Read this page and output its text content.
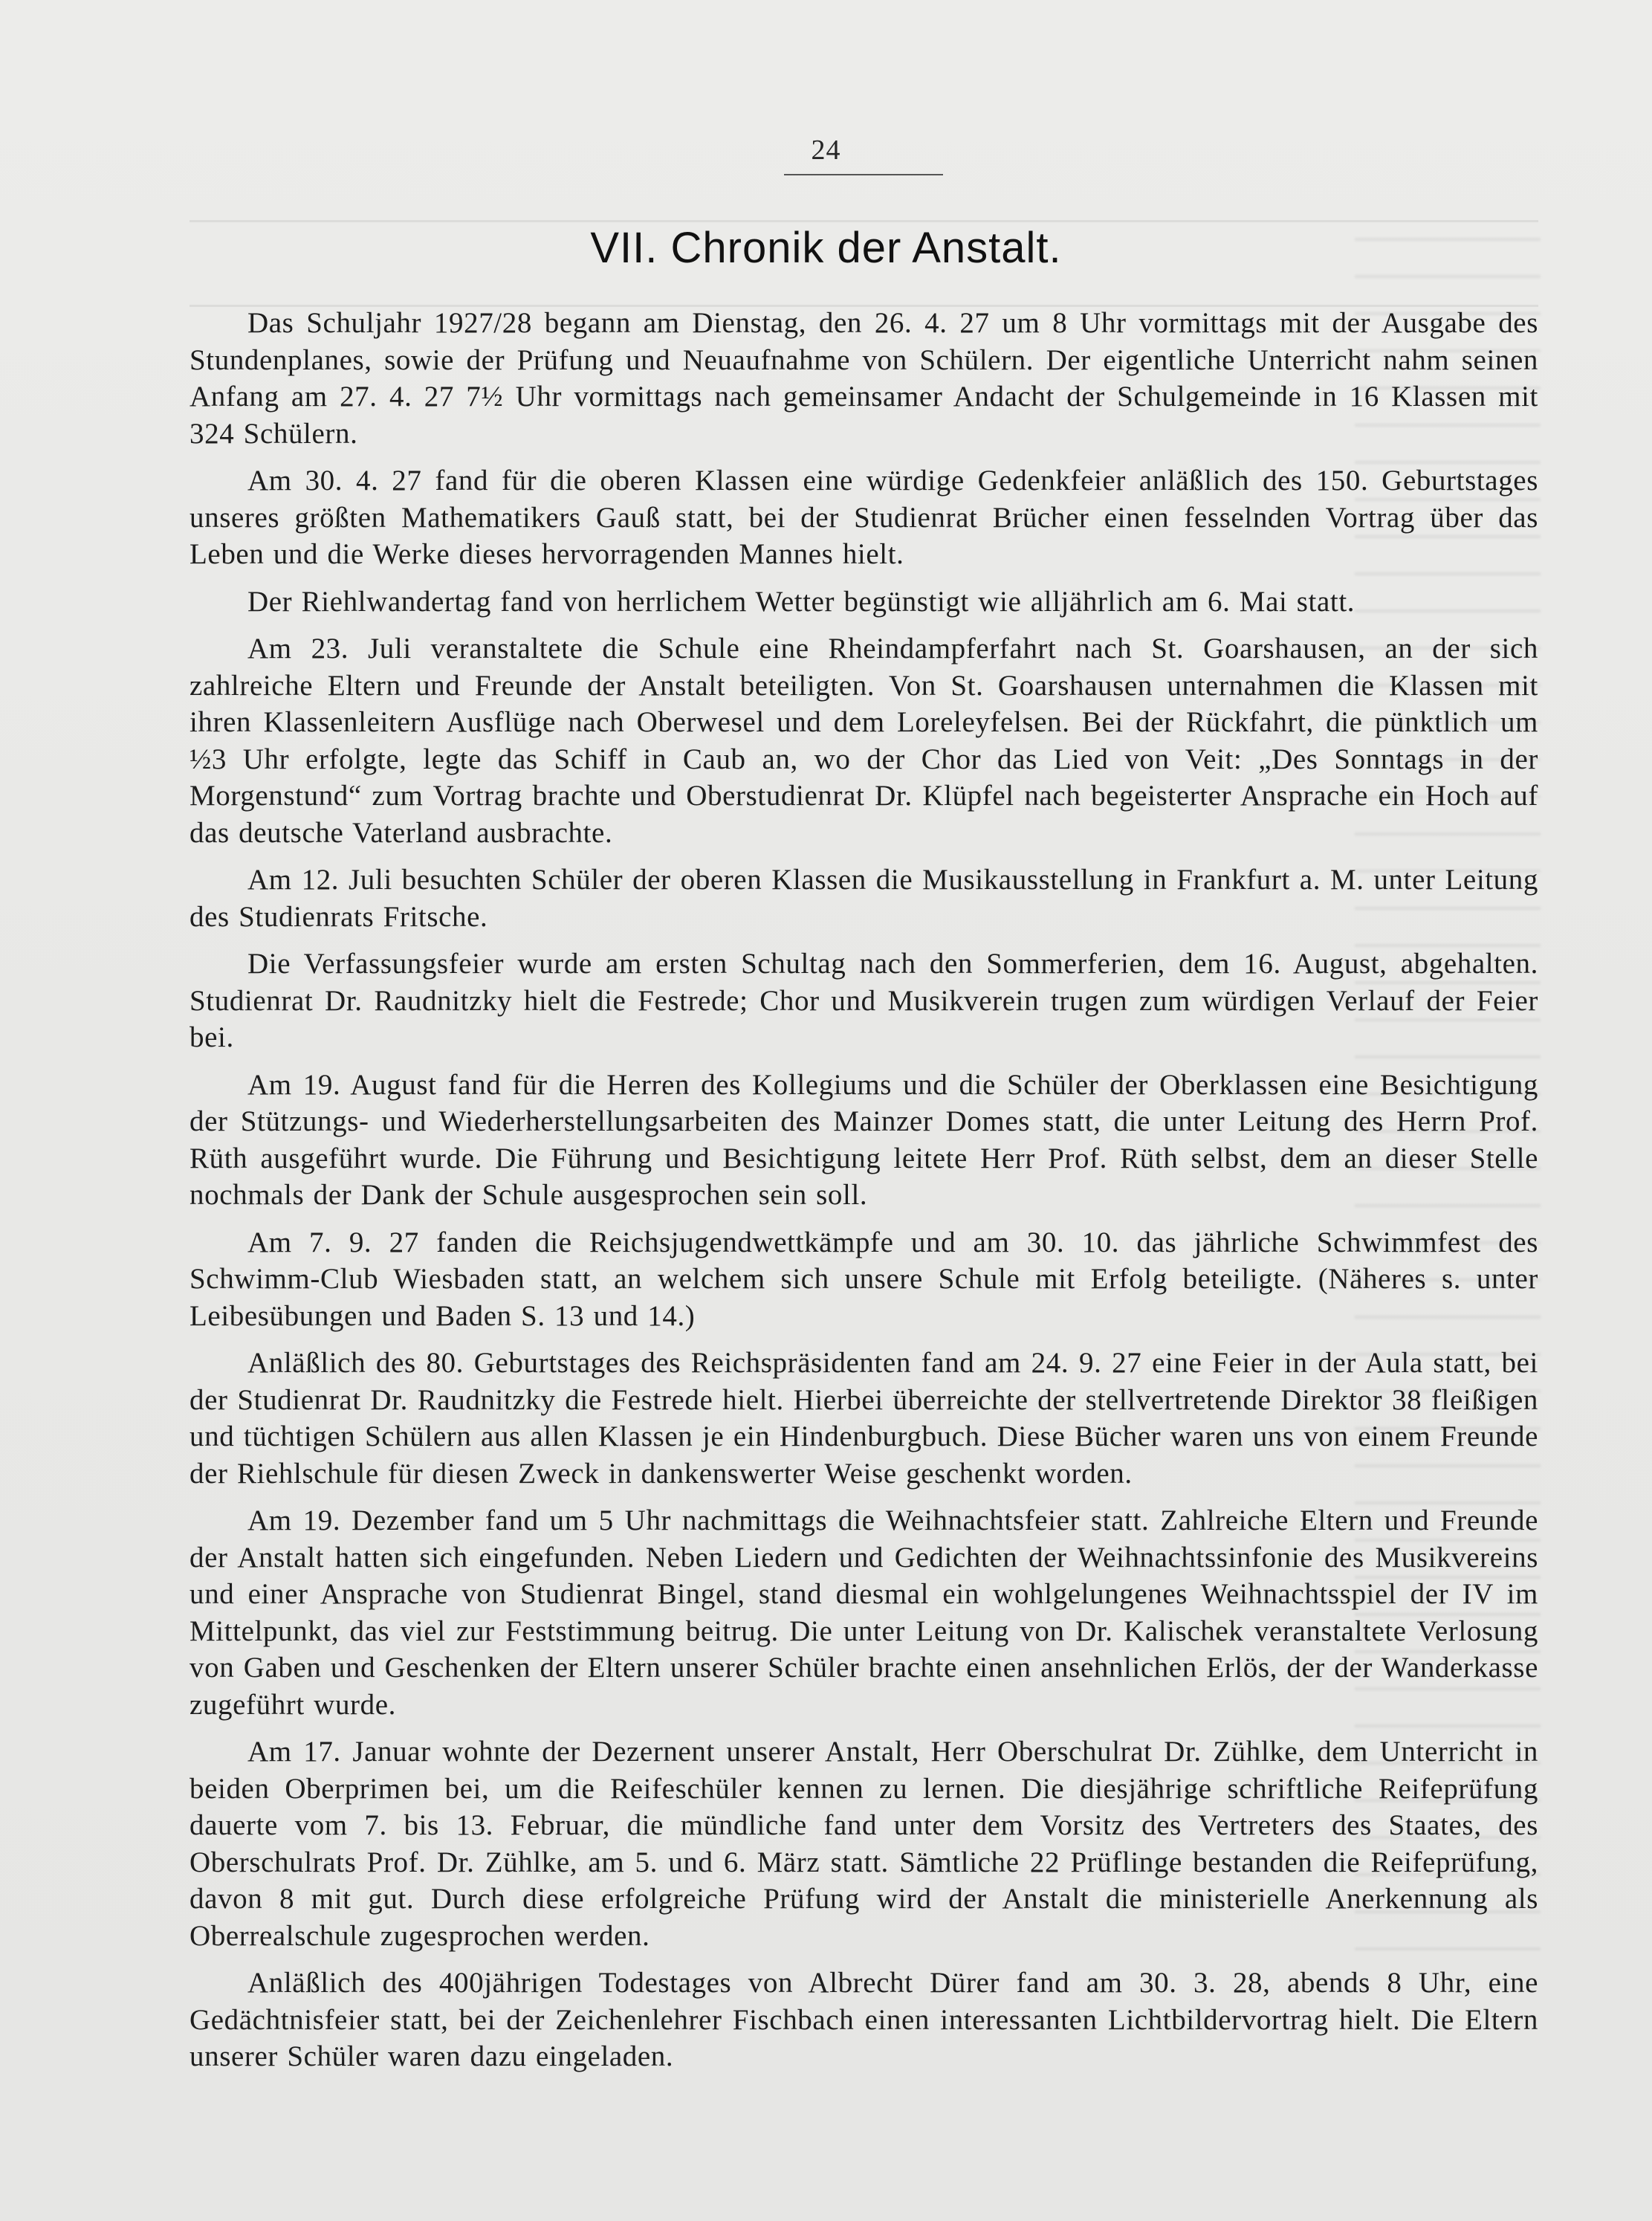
24
VII. Chronik der Anstalt.

Das Schuljahr 1927/28 begann am Dienstag, den 26. 4. 27 um 8 Uhr vormittags mit der Ausgabe des Stundenplanes, sowie der Prüfung und Neuaufnahme von Schülern. Der eigentliche Unterricht nahm seinen Anfang am 27. 4. 27 7½ Uhr vormittags nach gemeinsamer Andacht der Schulgemeinde in 16 Klassen mit 324 Schülern.

Am 30. 4. 27 fand für die oberen Klassen eine würdige Gedenkfeier anläßlich des 150. Geburtstages unseres größten Mathematikers Gauß statt, bei der Studienrat Brücher einen fesselnden Vortrag über das Leben und die Werke dieses hervorragenden Mannes hielt.

Der Riehlwandertag fand von herrlichem Wetter begünstigt wie alljährlich am 6. Mai statt.

Am 23. Juli veranstaltete die Schule eine Rheindampferfahrt nach St. Goarshausen, an der sich zahlreiche Eltern und Freunde der Anstalt beteiligten. Von St. Goarshausen unternahmen die Klassen mit ihren Klassenleitern Ausflüge nach Oberwesel und dem Loreleyfelsen. Bei der Rückfahrt, die pünktlich um ½3 Uhr erfolgte, legte das Schiff in Caub an, wo der Chor das Lied von Veit: „Des Sonntags in der Morgenstund“ zum Vortrag brachte und Oberstudienrat Dr. Klüpfel nach begeisterter Ansprache ein Hoch auf das deutsche Vaterland ausbrachte.

Am 12. Juli besuchten Schüler der oberen Klassen die Musikausstellung in Frankfurt a. M. unter Leitung des Studienrats Fritsche.

Die Verfassungsfeier wurde am ersten Schultag nach den Sommerferien, dem 16. August, abgehalten. Studienrat Dr. Raudnitzky hielt die Festrede; Chor und Musikverein trugen zum würdigen Verlauf der Feier bei.

Am 19. August fand für die Herren des Kollegiums und die Schüler der Oberklassen eine Besichtigung der Stützungs- und Wiederherstellungsarbeiten des Mainzer Domes statt, die unter Leitung des Herrn Prof. Rüth ausgeführt wurde. Die Führung und Besichtigung leitete Herr Prof. Rüth selbst, dem an dieser Stelle nochmals der Dank der Schule ausgesprochen sein soll.

Am 7. 9. 27 fanden die Reichsjugendwettkämpfe und am 30. 10. das jährliche Schwimmfest des Schwimm-Club Wiesbaden statt, an welchem sich unsere Schule mit Erfolg beteiligte. (Näheres s. unter Leibesübungen und Baden S. 13 und 14.)

Anläßlich des 80. Geburtstages des Reichspräsidenten fand am 24. 9. 27 eine Feier in der Aula statt, bei der Studienrat Dr. Raudnitzky die Festrede hielt. Hierbei überreichte der stellvertretende Direktor 38 fleißigen und tüchtigen Schülern aus allen Klassen je ein Hindenburgbuch. Diese Bücher waren uns von einem Freunde der Riehlschule für diesen Zweck in dankenswerter Weise geschenkt worden.

Am 19. Dezember fand um 5 Uhr nachmittags die Weihnachtsfeier statt. Zahlreiche Eltern und Freunde der Anstalt hatten sich eingefunden. Neben Liedern und Gedichten der Weihnachtssinfonie des Musikvereins und einer Ansprache von Studienrat Bingel, stand diesmal ein wohlgelungenes Weihnachtsspiel der IV im Mittelpunkt, das viel zur Feststimmung beitrug. Die unter Leitung von Dr. Kalischek veranstaltete Verlosung von Gaben und Geschenken der Eltern unserer Schüler brachte einen ansehnlichen Erlös, der der Wanderkasse zugeführt wurde.

Am 17. Januar wohnte der Dezernent unserer Anstalt, Herr Oberschulrat Dr. Zühlke, dem Unterricht in beiden Oberprimen bei, um die Reifeschüler kennen zu lernen. Die diesjährige schriftliche Reifeprüfung dauerte vom 7. bis 13. Februar, die mündliche fand unter dem Vorsitz des Vertreters des Staates, des Oberschulrats Prof. Dr. Zühlke, am 5. und 6. März statt. Sämtliche 22 Prüflinge bestanden die Reifeprüfung, davon 8 mit gut. Durch diese erfolgreiche Prüfung wird der Anstalt die ministerielle Anerkennung als Oberrealschule zugesprochen werden.

Anläßlich des 400jährigen Todestages von Albrecht Dürer fand am 30. 3. 28, abends 8 Uhr, eine Gedächtnisfeier statt, bei der Zeichenlehrer Fischbach einen interessanten Lichtbildervortrag hielt. Die Eltern unserer Schüler waren dazu eingeladen.
